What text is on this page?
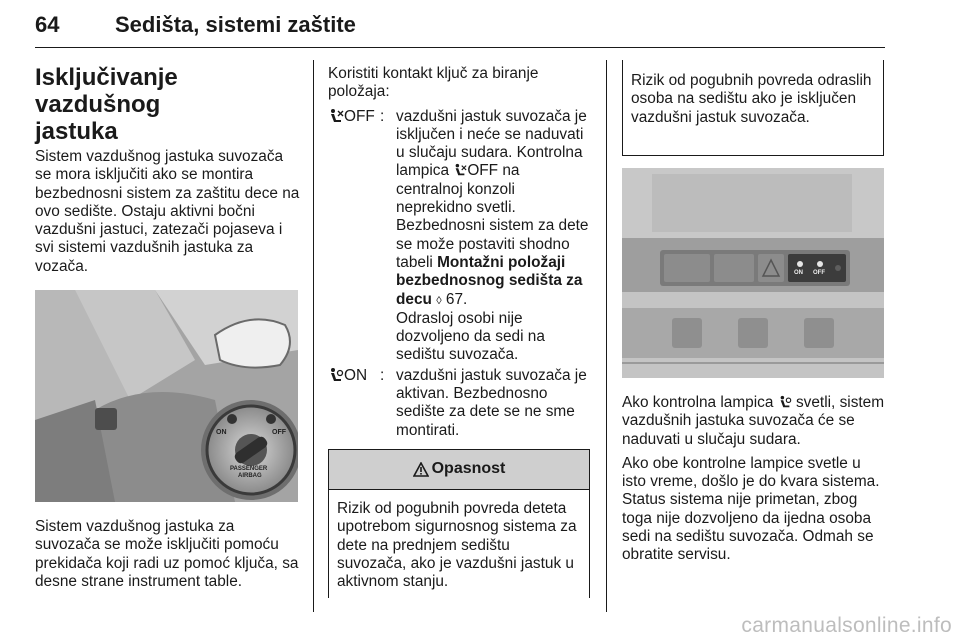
64	Sedišta, sistemi zaštite
Isključivanje vazdušnog
jastuka

Sistem vazdušnog jastuka suvozača se mora isključiti ako se montira bezbednosni sistem za zaštitu dece na ovo sedište. Ostaju aktivni bočni vazdušni jastuci, zatezači pojaseva i svi sistemi vazdušnih jastuka za vozača.

ON	OFF
PASSENGER
AIRBAG

Sistem vazdušnog jastuka za suvozača se može isključiti pomoću prekidača koji radi uz pomoć ključa, sa desne strane instrument table.

Koristiti kontakt ključ za biranje položaja:

OFF : vazdušni jastuk suvozača je isključen i neće se naduvati u slučaju sudara. Kontrolna lampica OFF na centralnoj konzoli neprekidno svetli. Bezbednosni sistem za dete se može postaviti shodno tabeli Montažni položaji bezbednosnog sedišta za decu ◊ 67.
Odrasloj osobi nije dozvoljeno da sedi na sedištu suvozača.
ON : vazdušni jastuk suvozača je aktivan. Bezbednosno sedište za dete se ne sme montirati.
Opasnost
Rizik od pogubnih povreda deteta upotrebom sigurnosnog sistema za dete na prednjem sedištu suvozača, ako je vazdušni jastuk u aktivnom stanju.
Rizik od pogubnih povreda odraslih osoba na sedištu ako je isključen vazdušni jastuk suvozača.
ON OFF

Ako kontrolna lampica  svetli, sistem vazdušnih jastuka suvozača će se naduvati u slučaju sudara.

Ako obe kontrolne lampice svetle u isto vreme, došlo je do kvara sistema. Status sistema nije primetan, zbog toga nije dozvoljeno da ijedna osoba sedi na sedištu suvozača. Odmah se obratite servisu.

carmanualsonline.info
